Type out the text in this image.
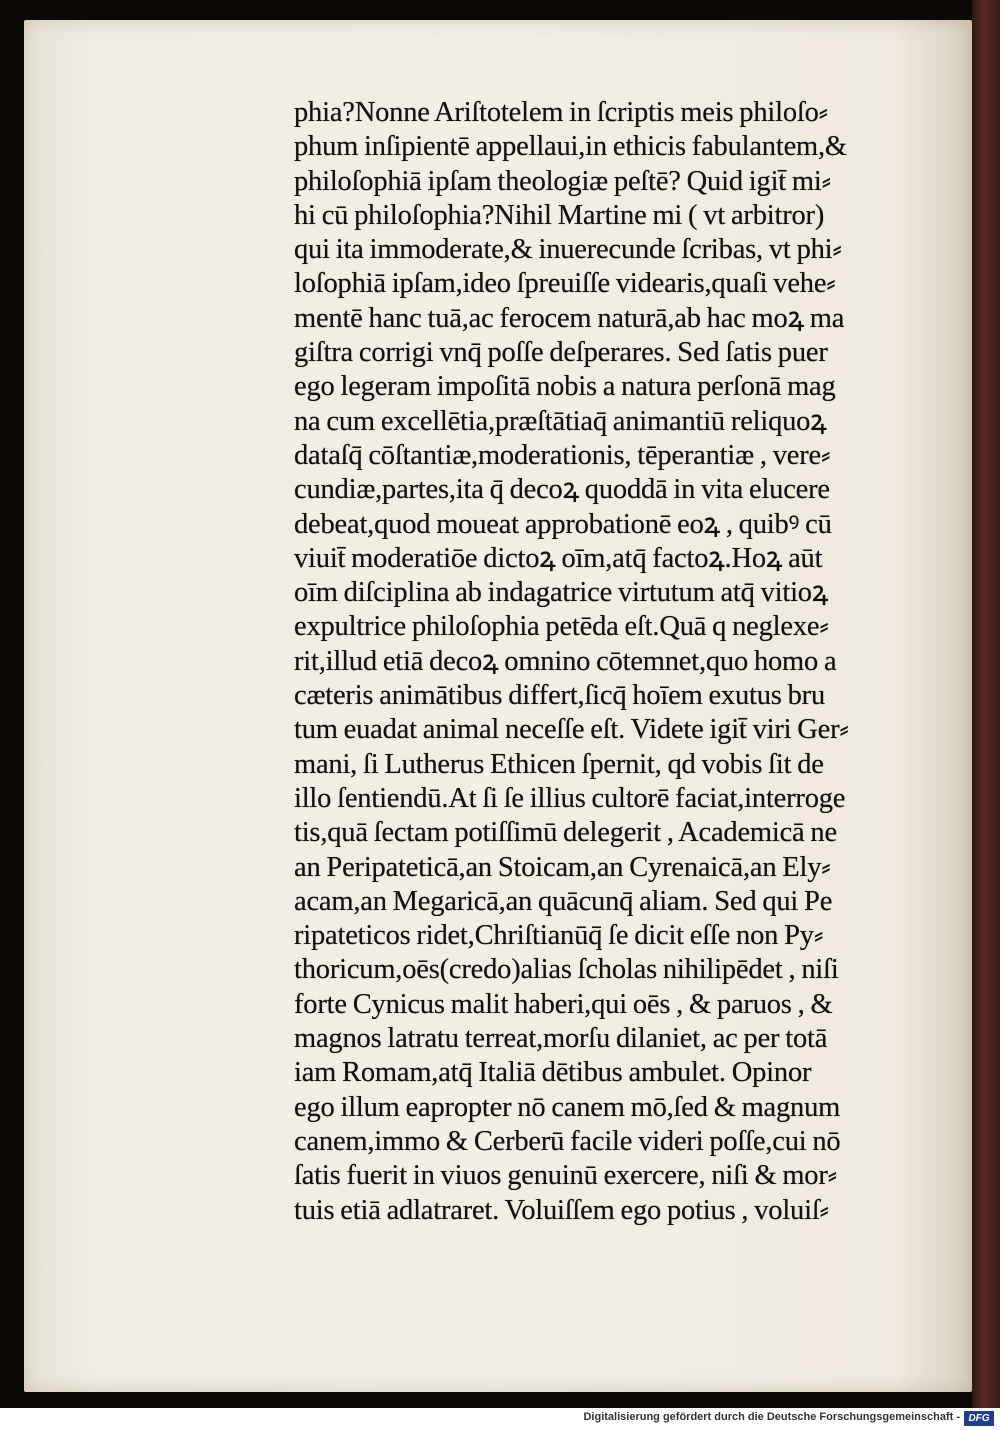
phia?Nonne Ariſtotelem in ſcriptis meis philoſo⸗
phum inſipientē appellaui,in ethicis fabulantem,&
philoſophiā ipſam theologiæ peſtē? Quid igit̄ mi⸗
hi cū philoſophia?Nihil Martine mi ( vt arbitror)
qui ita immoderate,& inuerecunde ſcribas, vt phi⸗
loſophiā ipſam,ideo ſpreuiſſe videaris,quaſi vehe⸗
mentē hanc tuā,ac ferocem naturā,ab hac moꝝ ma
giſtra corrigi vnq̄ poſſe deſperares. Sed ſatis puer
ego legeram impoſitā nobis a natura perſonā mag
na cum excellētia,præſtātiaq̄ animantiū reliquoꝝ
dataſq̄ cōſtantiæ,moderationis, tēperantiæ , vere⸗
cundiæ,partes,ita q̄ decoꝝ quoddā in vita elucere
debeat,quod moueat approbationē eoꝝ , quibꝰ cū
viuit̄ moderatiōe dictoꝝ oīm,atq̄ factoꝝ.Hoꝝ aūt
oīm diſciplina ab indagatrice virtutum atq̄ vitioꝝ
expultrice philoſophia petēda eſt.Quā q neglexe⸗
rit,illud etiā decoꝝ omnino cōtemnet,quo homo a
cæteris animātibus differt,ſicq̄ hoīem exutus bru
tum euadat animal neceſſe eſt. Videte igit̄ viri Ger⸗
mani, ſi Lutherus Ethicen ſpernit, qd vobis ſit de
illo ſentiendū.At ſi ſe illius cultorē faciat,interroge
tis,quā ſectam potiſſimū delegerit , Academicā ne
an Peripateticā,an Stoicam,an Cyrenaicā,an Ely⸗
acam,an Megaricā,an quācunq̄ aliam. Sed qui Pe
ripateticos ridet,Chriſtianūq̄ ſe dicit eſſe non Py⸗
thoricum,oēs(credo)alias ſcholas nihilipēdet , niſi
forte Cynicus malit haberi,qui oēs , & paruos , &
magnos latratu terreat,morſu dilaniet, ac per totā
iam Romam,atq̄ Italiā dētibus ambulet. Opinor
ego illum eapropter nō canem mō,ſed & magnum
canem,immo & Cerberū facile videri poſſe,cui nō
ſatis fuerit in viuos genuinū exercere, niſi & mor⸗
tuis etiā adlatraret. Voluiſſem ego potius , voluiſ⸗
Digitalisierung gefördert durch die Deutsche Forschungsgemeinschaft - DFG
